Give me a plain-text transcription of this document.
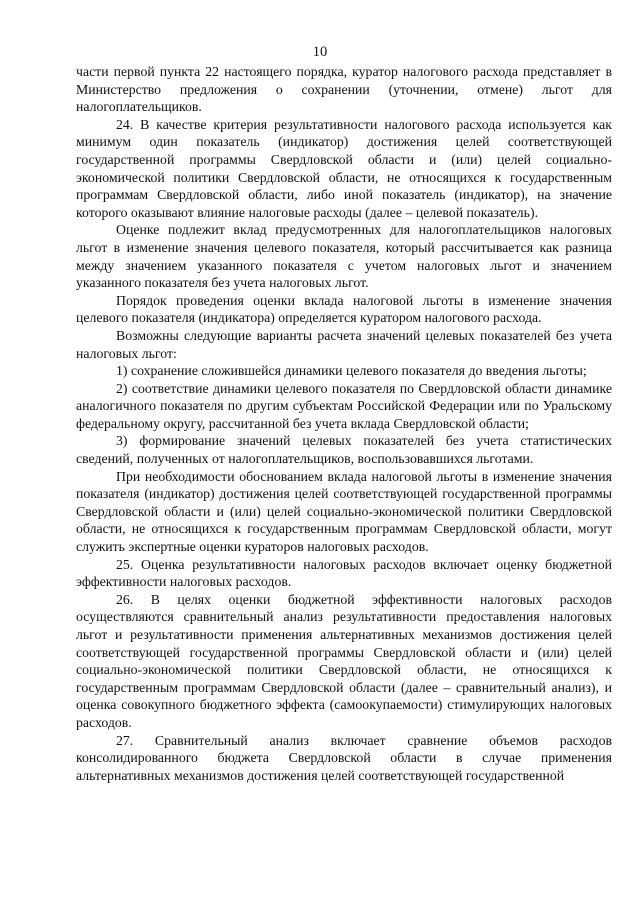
10

части первой пункта 22 настоящего порядка, куратор налогового расхода представляет в Министерство предложения о сохранении (уточнении, отмене) льгот для налогоплательщиков.

24. В качестве критерия результативности налогового расхода используется как минимум один показатель (индикатор) достижения целей соответствующей государственной программы Свердловской области и (или) целей социально-экономической политики Свердловской области, не относящихся к государственным программам Свердловской области, либо иной показатель (индикатор), на значение которого оказывают влияние налоговые расходы (далее – целевой показатель).

Оценке подлежит вклад предусмотренных для налогоплательщиков налоговых льгот в изменение значения целевого показателя, который рассчитывается как разница между значением указанного показателя с учетом налоговых льгот и значением указанного показателя без учета налоговых льгот.

Порядок проведения оценки вклада налоговой льготы в изменение значения целевого показателя (индикатора) определяется куратором налогового расхода.

Возможны следующие варианты расчета значений целевых показателей без учета налоговых льгот:

1) сохранение сложившейся динамики целевого показателя до введения льготы;

2) соответствие динамики целевого показателя по Свердловской области динамике аналогичного показателя по другим субъектам Российской Федерации или по Уральскому федеральному округу, рассчитанной без учета вклада Свердловской области;

3) формирование значений целевых показателей без учета статистических сведений, полученных от налогоплательщиков, воспользовавшихся льготами.

При необходимости обоснованием вклада налоговой льготы в изменение значения показателя (индикатор) достижения целей соответствующей государственной программы Свердловской области и (или) целей социально-экономической политики Свердловской области, не относящихся к государственным программам Свердловской области, могут служить экспертные оценки кураторов налоговых расходов.

25. Оценка результативности налоговых расходов включает оценку бюджетной эффективности налоговых расходов.

26. В целях оценки бюджетной эффективности налоговых расходов осуществляются сравнительный анализ результативности предоставления налоговых льгот и результативности применения альтернативных механизмов достижения целей соответствующей государственной программы Свердловской области и (или) целей социально-экономической политики Свердловской области, не относящихся к государственным программам Свердловской области (далее – сравнительный анализ), и оценка совокупного бюджетного эффекта (самоокупаемости) стимулирующих налоговых расходов.

27. Сравнительный анализ включает сравнение объемов расходов консолидированного бюджета Свердловской области в случае применения альтернативных механизмов достижения целей соответствующей государственной
